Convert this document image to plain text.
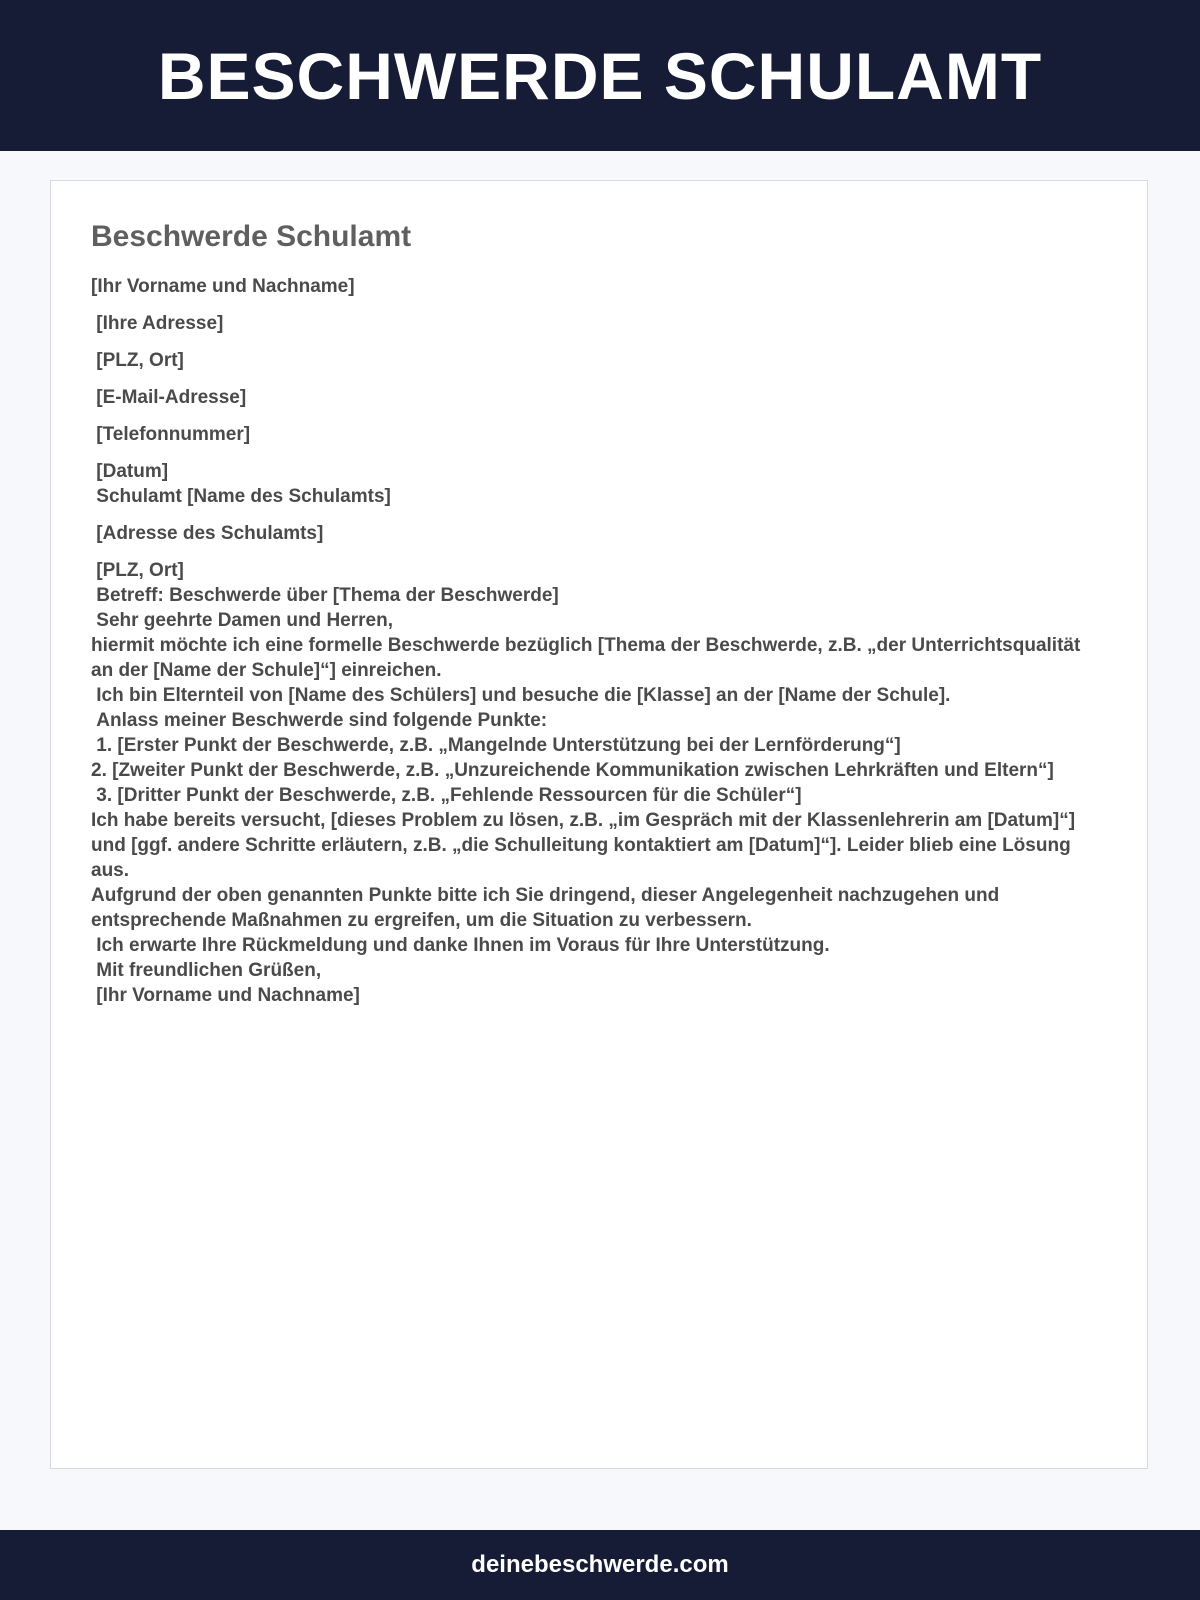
BESCHWERDE SCHULAMT
Beschwerde Schulamt
[Ihr Vorname und Nachname]
[Ihre Adresse]
[PLZ, Ort]
[E-Mail-Adresse]
[Telefonnummer]
[Datum]
Schulamt [Name des Schulamts]
[Adresse des Schulamts]
[PLZ, Ort]
Betreff: Beschwerde über [Thema der Beschwerde]
Sehr geehrte Damen und Herren,
hiermit möchte ich eine formelle Beschwerde bezüglich [Thema der Beschwerde, z.B. „der Unterrichtsqualität an der [Name der Schule]“] einreichen.
Ich bin Elternteil von [Name des Schülers] und besuche die [Klasse] an der [Name der Schule].
Anlass meiner Beschwerde sind folgende Punkte:
1. [Erster Punkt der Beschwerde, z.B. „Mangelnde Unterstützung bei der Lernförderung“]
2. [Zweiter Punkt der Beschwerde, z.B. „Unzureichende Kommunikation zwischen Lehrkräften und Eltern“]
3. [Dritter Punkt der Beschwerde, z.B. „Fehlende Ressourcen für die Schüler“]
Ich habe bereits versucht, [dieses Problem zu lösen, z.B. „im Gespräch mit der Klassenlehrerin am [Datum]“] und [ggf. andere Schritte erläutern, z.B. „die Schulleitung kontaktiert am [Datum]“]. Leider blieb eine Lösung aus.
Aufgrund der oben genannten Punkte bitte ich Sie dringend, dieser Angelegenheit nachzugehen und entsprechende Maßnahmen zu ergreifen, um die Situation zu verbessern.
Ich erwarte Ihre Rückmeldung und danke Ihnen im Voraus für Ihre Unterstützung.
Mit freundlichen Grüßen,
[Ihr Vorname und Nachname]
deinebeschwerde.com
